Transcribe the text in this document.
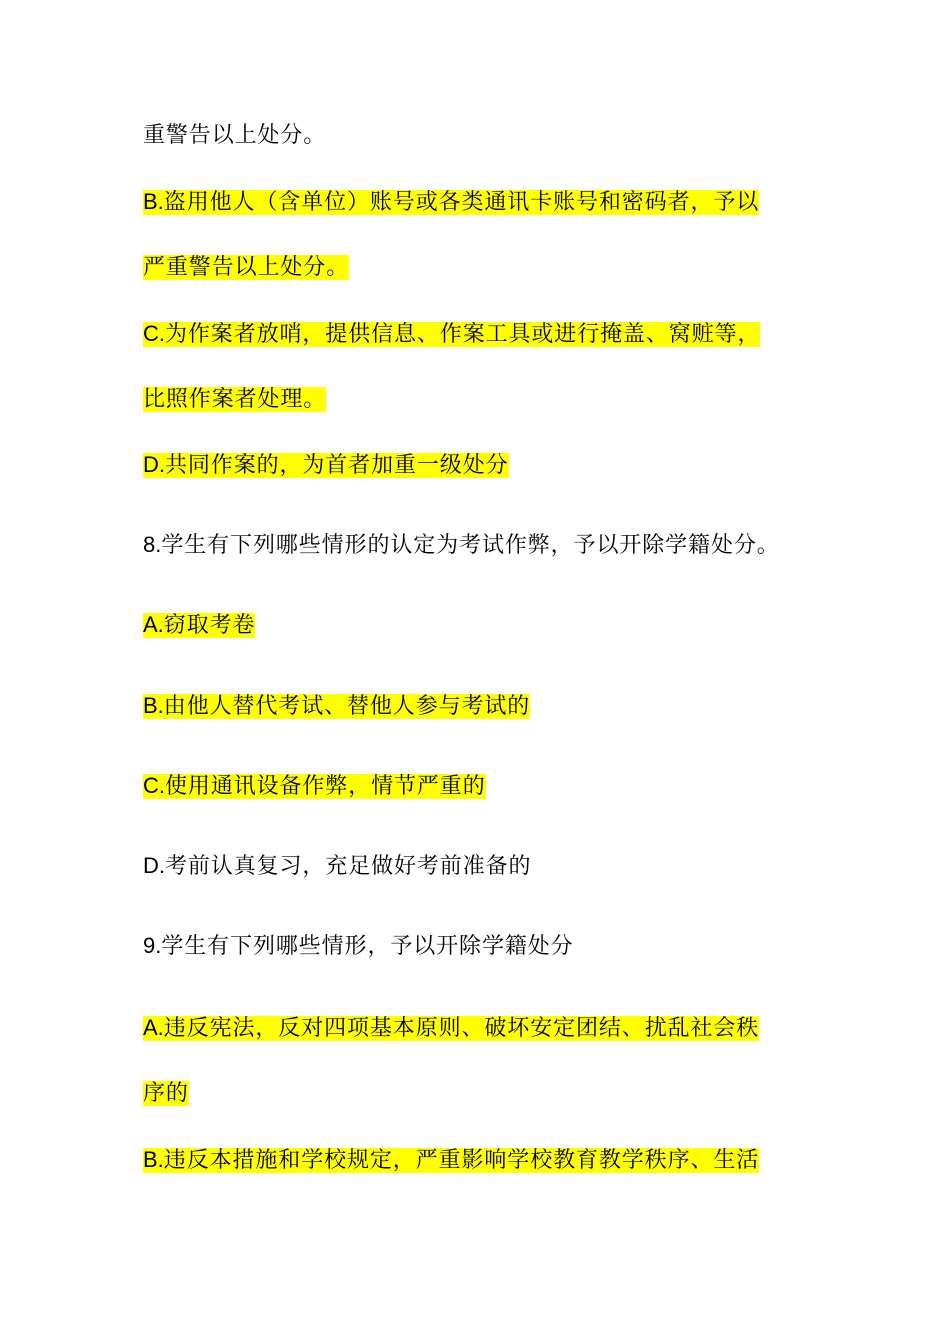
重警告以上处分。
B.盗用他人（含单位）账号或各类通讯卡账号和密码者，予以
严重警告以上处分。
C.为作案者放哨，提供信息、作案工具或进行掩盖、窝赃等，
比照作案者处理。
D.共同作案的，为首者加重一级处分
8.学生有下列哪些情形的认定为考试作弊，予以开除学籍处分。
A.窃取考卷
B.由他人替代考试、替他人参与考试的
C.使用通讯设备作弊，情节严重的
D.考前认真复习，充足做好考前准备的
9.学生有下列哪些情形，予以开除学籍处分
A.违反宪法，反对四项基本原则、破坏安定团结、扰乱社会秩
序的
B.违反本措施和学校规定，严重影响学校教育教学秩序、生活
